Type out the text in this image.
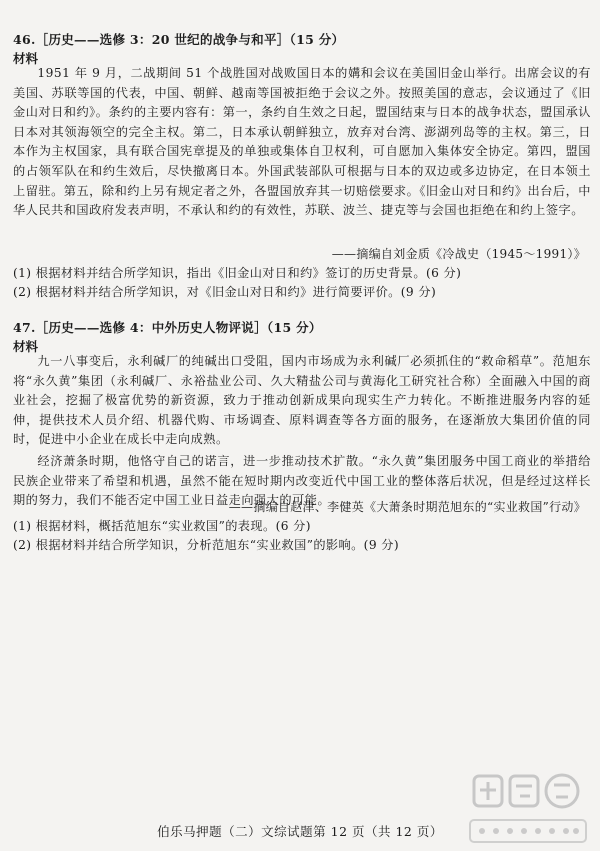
46.［历史——选修 3：20 世纪的战争与和平］（15 分）
材料

1951 年 9 月，二战期间 51 个战胜国对战败国日本的媾和会议在美国旧金山举行。出席会议的有美国、苏联等国的代表，中国、朝鲜、越南等国被拒绝于会议之外。按照美国的意志，会议通过了《旧金山对日和约》。条约的主要内容有：第一，条约自生效之日起，盟国结束与日本的战争状态，盟国承认日本对其领海领空的完全主权。第二，日本承认朝鲜独立，放弃对台湾、澎湖列岛等的主权。第三，日本作为主权国家，具有联合国宪章提及的单独或集体自卫权利，可自愿加入集体安全协定。第四，盟国的占领军队在和约生效后，尽快撤离日本。外国武装部队可根据与日本的双边或多边协定，在日本领土上留驻。第五，除和约上另有规定者之外，各盟国放弃其一切赔偿要求。《旧金山对日和约》出台后，中华人民共和国政府发表声明，不承认和约的有效性，苏联、波兰、捷克等与会国也拒绝在和约上签字。

——摘编自刘金质《冷战史（1945～1991）》
(1) 根据材料并结合所学知识，指出《旧金山对日和约》签订的历史背景。(6 分)
(2) 根据材料并结合所学知识，对《旧金山对日和约》进行简要评价。(9 分)
47.［历史——选修 4：中外历史人物评说］（15 分）
材料

九一八事变后，永利碱厂的纯碱出口受阻，国内市场成为永利碱厂必须抓住的“救命稻草”。范旭东将“永久黄”集团（永利碱厂、永裕盐业公司、久大精盐公司与黄海化工研究社合称）全面融入中国的商业社会，挖掘了极富优势的新资源，致力于推动创新成果向现实生产力转化。不断推进服务内容的延伸，提供技术人员介绍、机器代购、市场调查、原料调查等各方面的服务，在逐渐放大集团价值的同时，促进中小企业在成长中走向成熟。

经济萧条时期，他恪守自己的诺言，进一步推动技术扩散。“永久黄”集团服务中国工商业的举措给民族企业带来了希望和机遇，虽然不能在短时期内改变近代中国工业的整体落后状况，但是经过这样长期的努力，我们不能否定中国工业日益走向强大的可能。

——摘编自赵津、李健英《大萧条时期范旭东的“实业救国”行动》
(1) 根据材料，概括范旭东“实业救国”的表现。(6 分)
(2) 根据材料并结合所学知识，分析范旭东“实业救国”的影响。(9 分)
伯乐马押题（二）文综试题第 12 页（共 12 页）
